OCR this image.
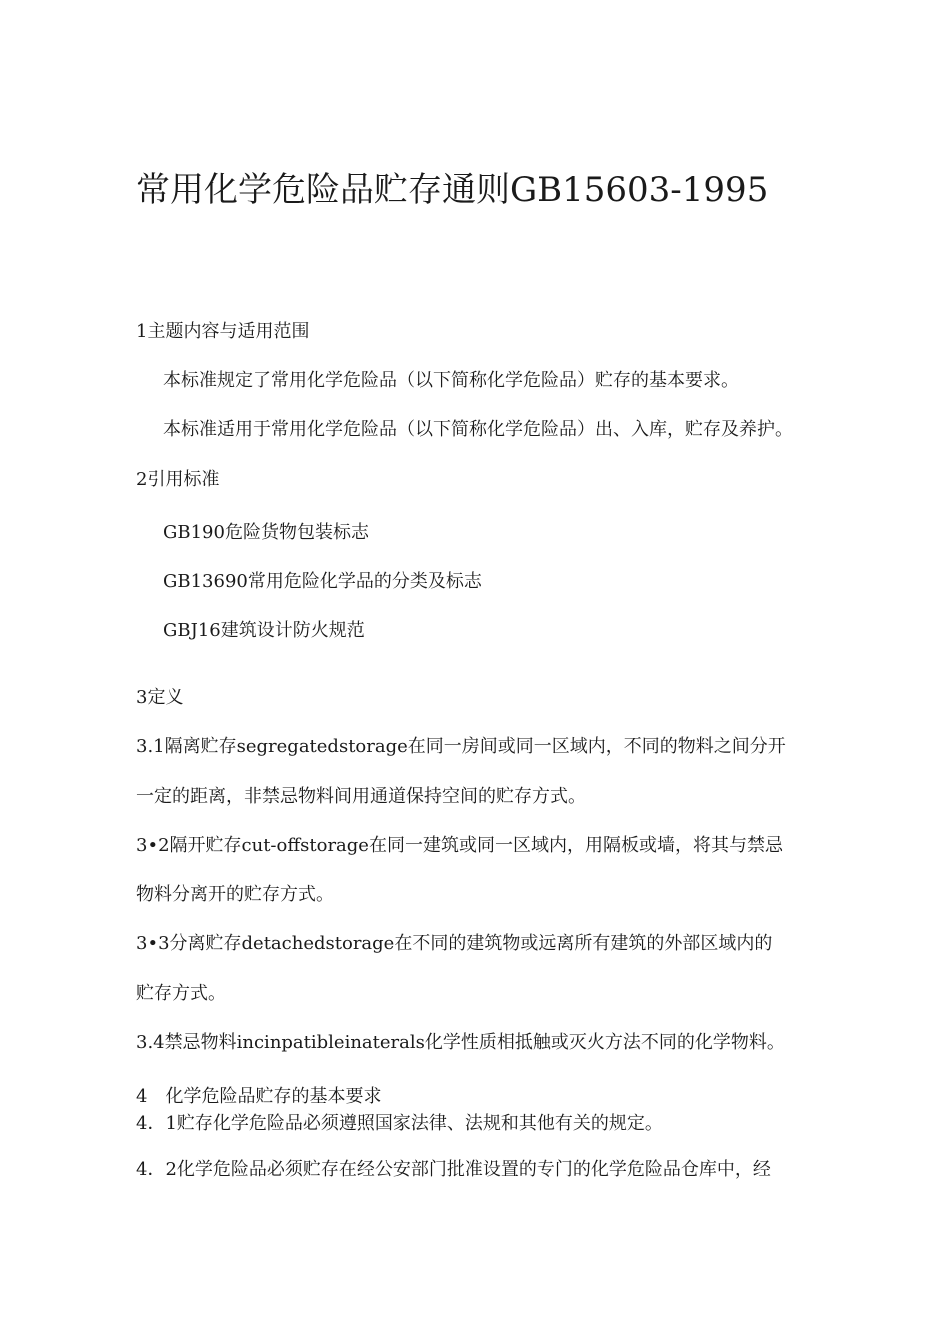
常用化学危险品贮存通则GB15603-1995
1主题内容与适用范围
本标准规定了常用化学危险品（以下简称化学危险品）贮存的基本要求。
本标准适用于常用化学危险品（以下简称化学危险品）出、入库，贮存及养护。
2引用标准
GB190危险货物包装标志
GB13690常用危险化学品的分类及标志
GBJ16建筑设计防火规范
3定义
3.1隔离贮存segregatedstorage在同一房间或同一区域内，不同的物料之间分开
一定的距离，非禁忌物料间用通道保持空间的贮存方式。
3•2隔开贮存cut-offstorage在同一建筑或同一区域内，用隔板或墙，将其与禁忌
物料分离开的贮存方式。
3•3分离贮存detachedstorage在不同的建筑物或远离所有建筑的外部区域内的
贮存方式。
3.4禁忌物料incinpatibleinaterals化学性质相抵触或灭火方法不同的化学物料。
4　化学危险品贮存的基本要求
4．1贮存化学危险品必须遵照国家法律、法规和其他有关的规定。
4．2化学危险品必须贮存在经公安部门批准设置的专门的化学危险品仓库中，经
